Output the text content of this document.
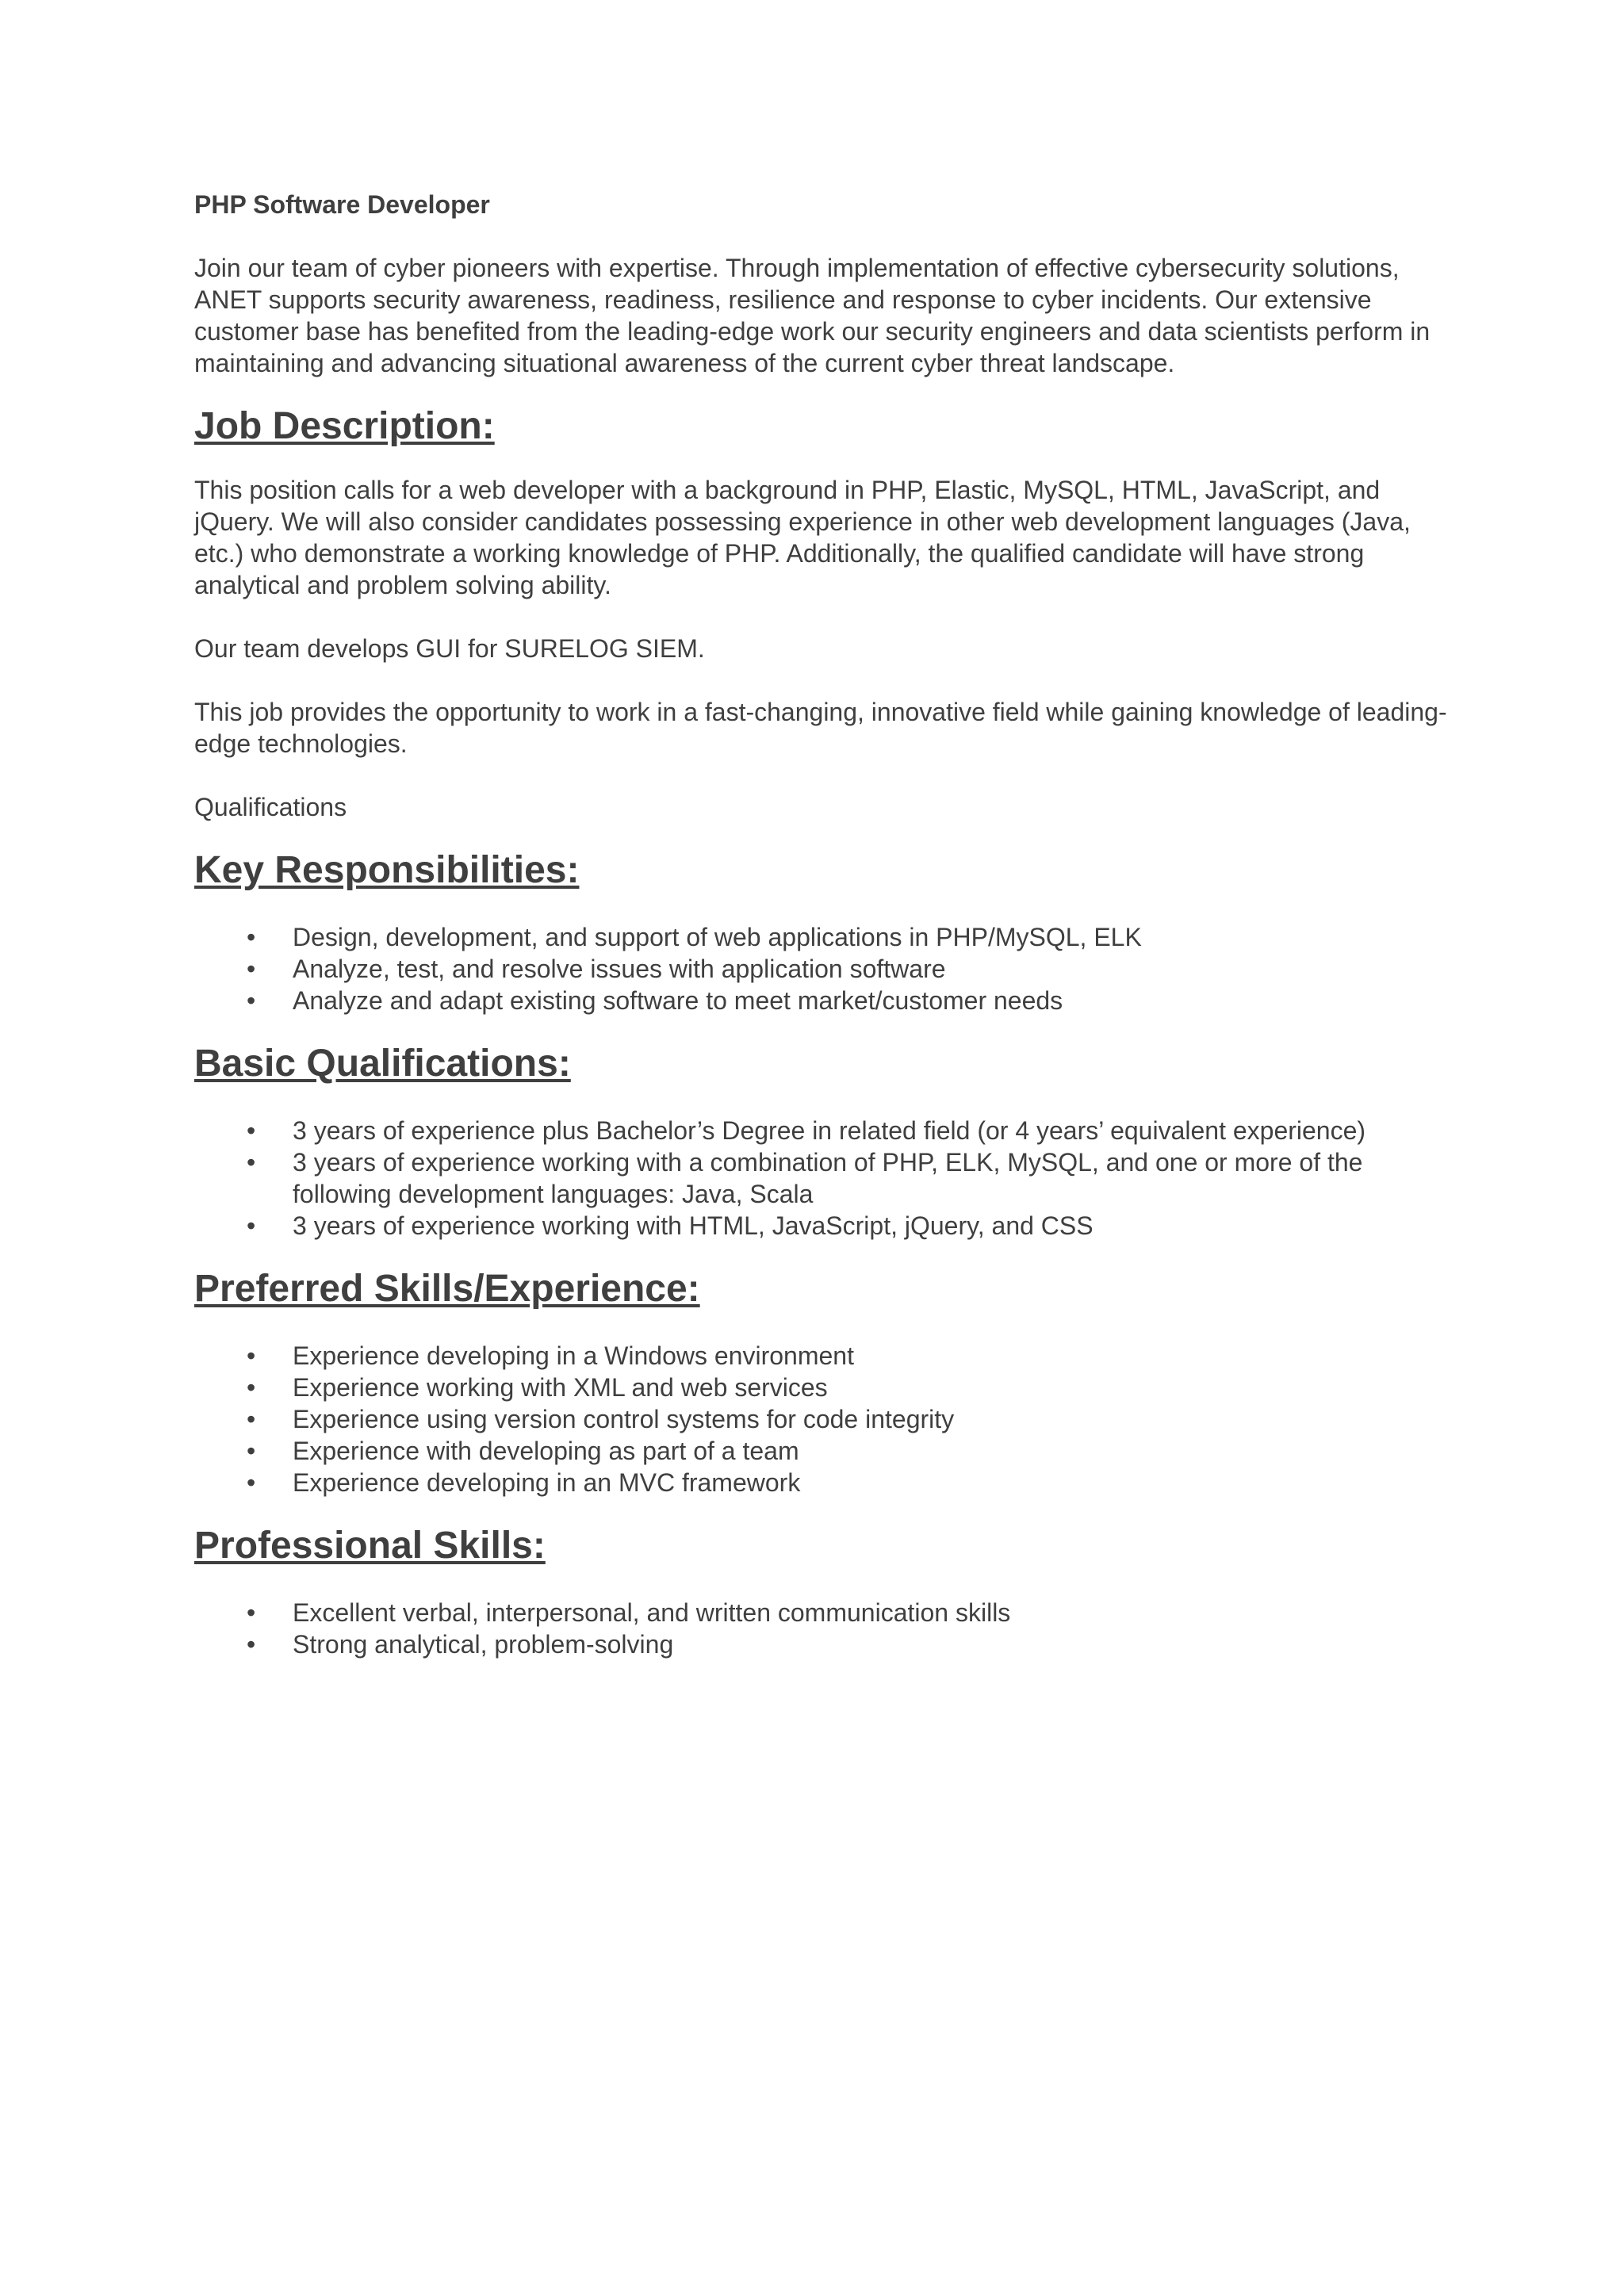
PHP Software Developer

Join our team of cyber pioneers with expertise. Through implementation of effective cybersecurity solutions, ANET supports security awareness, readiness, resilience and response to cyber incidents. Our extensive customer base has benefited from the leading-edge work our security engineers and data scientists perform in maintaining and advancing situational awareness of the current cyber threat landscape.

Job Description:

This position calls for a web developer with a background in PHP, Elastic, MySQL, HTML, JavaScript, and jQuery. We will also consider candidates possessing experience in other web development languages (Java, etc.) who demonstrate a working knowledge of PHP. Additionally, the qualified candidate will have strong analytical and problem solving ability.

Our team develops GUI for SURELOG SIEM.

This job provides the opportunity to work in a fast-changing, innovative field while gaining knowledge of leading-edge technologies.

Qualifications

Key Responsibilities:
•	Design, development, and support of web applications in PHP/MySQL, ELK
•	Analyze, test, and resolve issues with application software
•	Analyze and adapt existing software to meet market/customer needs
Basic Qualifications:
•	3 years of experience plus Bachelor’s Degree in related field (or 4 years’ equivalent experience)
•	3 years of experience working with a combination of PHP, ELK, MySQL, and one or more of the following development languages: Java, Scala
•	3 years of experience working with HTML, JavaScript, jQuery, and CSS
Preferred Skills/Experience:
•	Experience developing in a Windows environment
•	Experience working with XML and web services
•	Experience using version control systems for code integrity
•	Experience with developing as part of a team
•	Experience developing in an MVC framework
Professional Skills:
•	Excellent verbal, interpersonal, and written communication skills
•	Strong analytical, problem-solving
